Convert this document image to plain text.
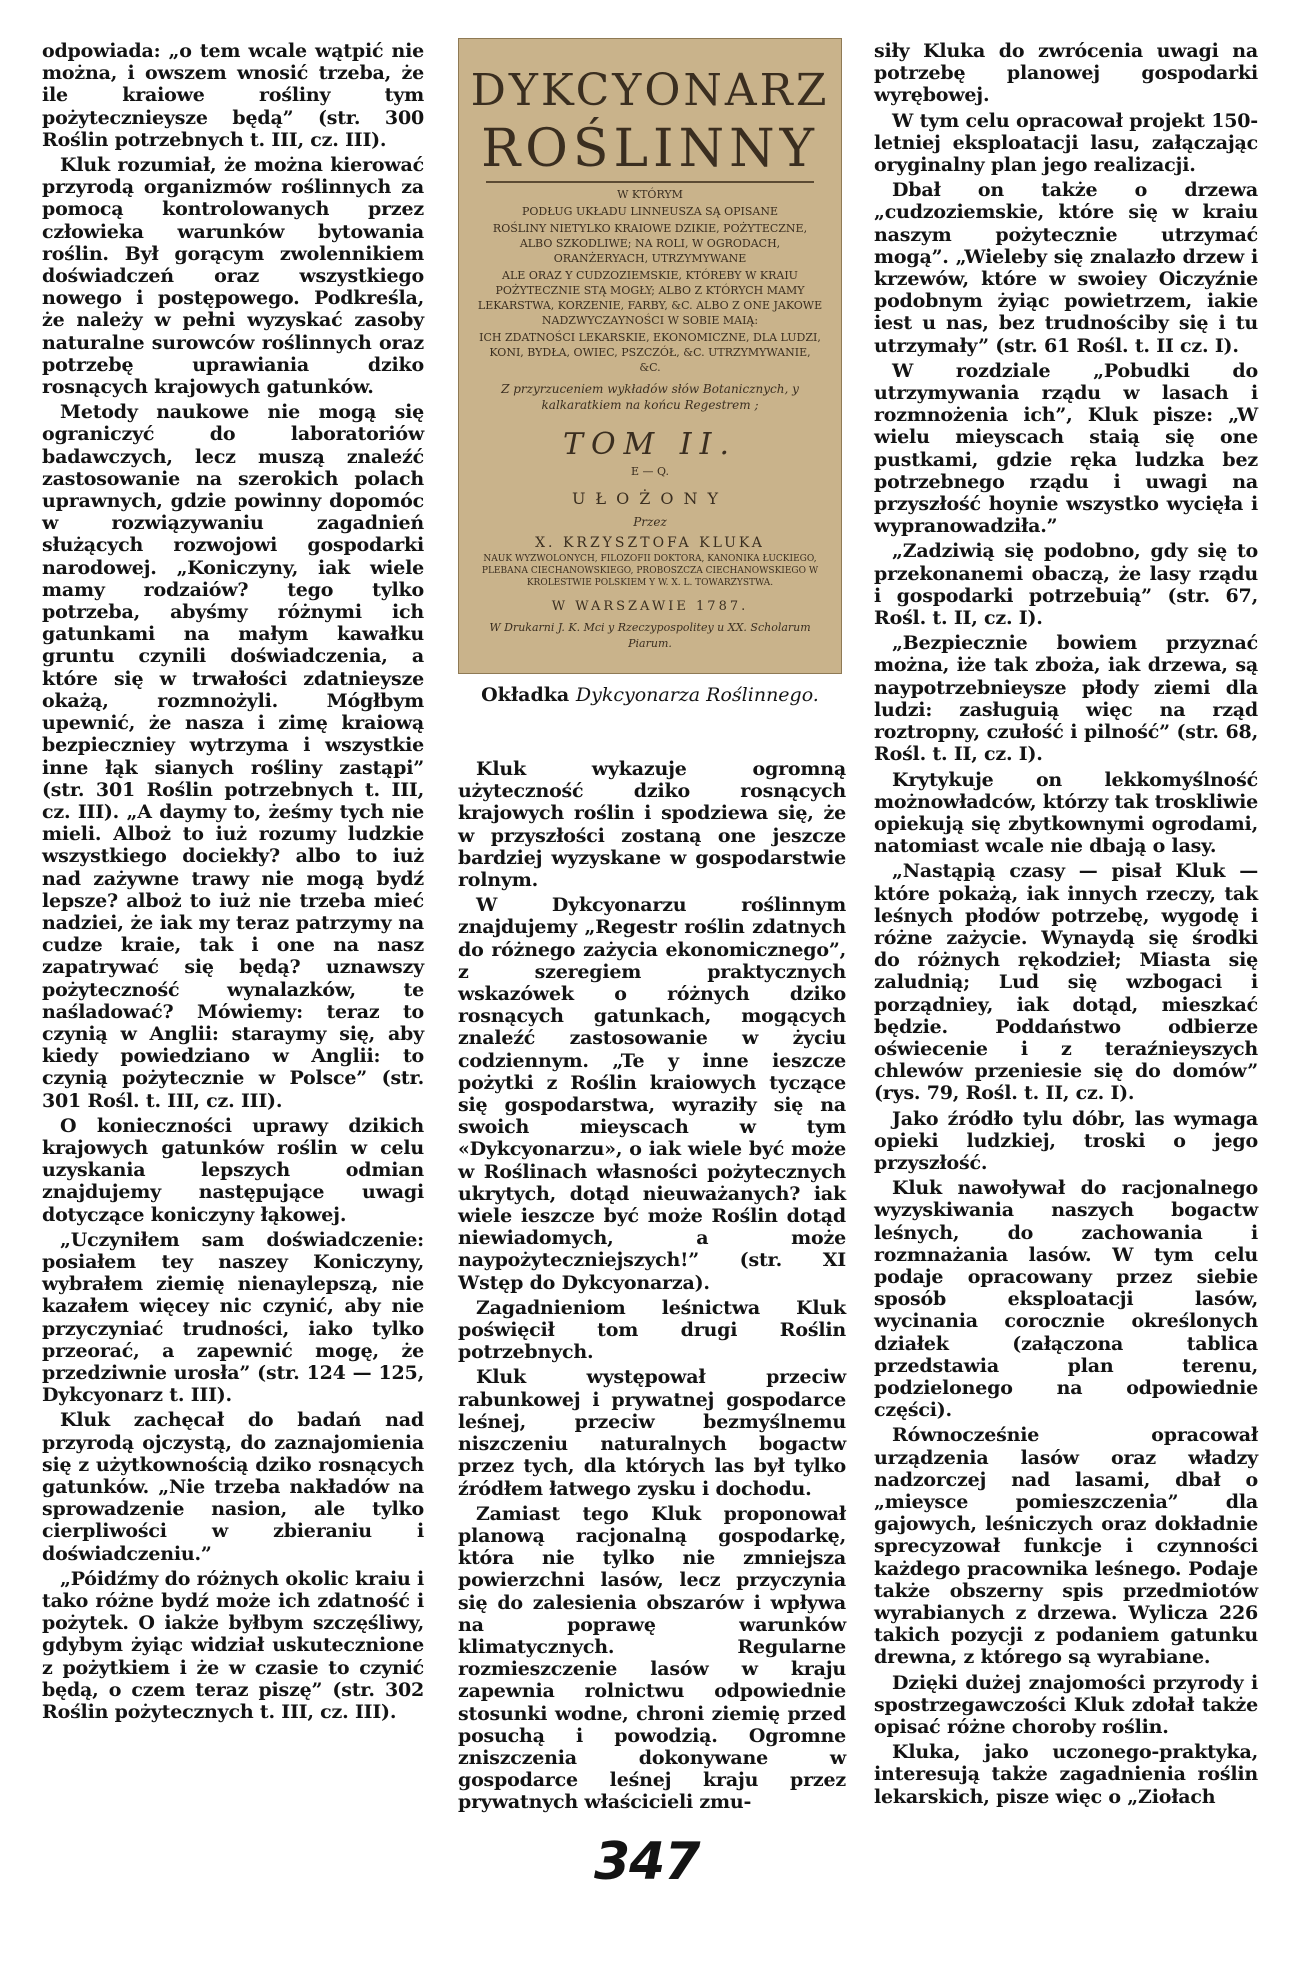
odpowiada: „o tem wcale wątpić nie można, i owszem wnosić trzeba, że ile kraiowe rośliny tym pożytecznieysze będą” (str. 300 Roślin potrzebnych t. III, cz. III).

Kluk rozumiał, że można kierować przyrodą organizmów roślinnych za pomocą kontrolowanych przez człowieka warunków bytowania roślin. Był gorącym zwolennikiem doświadczeń oraz wszystkiego nowego i postępowego. Podkreśla, że należy w pełni wyzyskać zasoby naturalne surowców roślinnych oraz potrzebę uprawiania dziko rosnących krajowych gatunków.

Metody naukowe nie mogą się ograniczyć do laboratoriów badawczych, lecz muszą znaleźć zastosowanie na szerokich polach uprawnych, gdzie powinny dopomóc w rozwiązywaniu zagadnień służących rozwojowi gospodarki narodowej. „Koniczyny, iak wiele mamy rodzaiów? tego tylko potrzeba, abyśmy różnymi ich gatunkami na małym kawałku gruntu czynili doświadczenia, a które się w trwałości zdatnieysze okażą, rozmnożyli. Mógłbym upewnić, że nasza i zimę kraiową bezpieczniey wytrzyma i wszystkie inne łąk sianych rośliny zastąpi” (str. 301 Roślin potrzebnych t. III, cz. III). „A daymy to, żeśmy tych nie mieli. Alboż to iuż rozumy ludzkie wszystkiego dociekły? albo to iuż nad zażywne trawy nie mogą bydź lepsze? alboż to iuż nie trzeba mieć nadziei, że iak my teraz patrzymy na cudze kraie, tak i one na nasz zapatrywać się będą? uznawszy pożyteczność wynalazków, te naśladować? Mówiemy: teraz to czynią w Anglii: staraymy się, aby kiedy powiedziano w Anglii: to czynią pożytecznie w Polsce” (str. 301 Rośl. t. III, cz. III).

O konieczności uprawy dzikich krajowych gatunków roślin w celu uzyskania lepszych odmian znajdujemy następujące uwagi dotyczące koniczyny łąkowej.

„Uczyniłem sam doświadczenie: posiałem tey naszey Koniczyny, wybrałem ziemię nienaylepszą, nie kazałem więcey nic czynić, aby nie przyczyniać trudności, iako tylko przeorać, a zapewnić mogę, że przedziwnie urosła” (str. 124 — 125, Dykcyonarz t. III).

Kluk zachęcał do badań nad przyrodą ojczystą, do zaznajomienia się z użytkownością dziko rosnących gatunków. „Nie trzeba nakładów na sprowadzenie nasion, ale tylko cierpliwości w zbieraniu i doświadczeniu.”

„Póidźmy do różnych okolic kraiu i tako różne bydź może ich zdatność i pożytek. O iakże byłbym szczęśliwy, gdybym żyiąc widział uskutecznione z pożytkiem i że w czasie to czynić będą, o czem teraz piszę” (str. 302 Roślin pożytecznych t. III, cz. III).

DYKCYONARZ
ROŚLINNY
W KTÓRYM
PODŁUG UKŁADU LINNEUSZA SĄ OPISANE
ROŚLINY NIETYLKO KRAIOWE DZIKIE, POŻYTECZNE, ALBO SZKODLIWE; NA ROLI, W OGRODACH, ORANŻERYACH, UTRZYMYWANE
ALE ORAZ Y CUDZOZIEMSKIE, KTÓREBY W KRAIU POŻYTECZNIE STĄ MOGŁY; ALBO Z KTÓRYCH MAMY LEKARSTWA, KORZENIE, FARBY, &C. ALBO Z ONE JAKOWE NADZWYCZAYNOŚCI W SOBIE MAIĄ:
ICH ZDATNOŚCI LEKARSKIE, EKONOMICZNE, DLA LUDZI, KONI, BYDŁA, OWIEC, PSZCZÓŁ, &C. UTRZYMYWANIE, &C.
Z przyrzuceniem wykładów słów Botanicznych, y kalkaratkiem na końcu Regestrem ;
TOM II.
E — Q.
UŁOŻONY
Przez
X. KRZYSZTOFA KLUKA
NAUK WYZWOLONYCH, FILOZOFII DOKTORA, KANONIKA ŁUCKIEGO, PLEBANA CIECHANOWSKIEGO, PROBOSZCZA CIECHANOWSKIEGO W KROLESTWIE POLSKIEM Y W. X. L. TOWARZYSTWA.
W WARSZAWIE 1787.
W Drukarni J. K. Mci y Rzeczypospolitey u XX. Scholarum Piarum.
Okładka Dykcyonarza Roślinnego.

Kluk wykazuje ogromną użyteczność dziko rosnących krajowych roślin i spodziewa się, że w przyszłości zostaną one jeszcze bardziej wyzyskane w gospodarstwie rolnym.

W Dykcyonarzu roślinnym znajdujemy „Regestr roślin zdatnych do różnego zażycia ekonomicznego”, z szeregiem praktycznych wskazówek o różnych dziko rosnących gatunkach, mogących znaleźć zastosowanie w życiu codziennym. „Te y inne ieszcze pożytki z Roślin kraiowych tyczące się gospodarstwa, wyraziły się na swoich mieyscach w tym «Dykcyonarzu», o iak wiele być może w Roślinach własności pożytecznych ukrytych, dotąd nieuważanych? iak wiele ieszcze być może Roślin dotąd niewiadomych, a może naypożyteczniejszych!” (str. XI Wstęp do Dykcyonarza).

Zagadnieniom leśnictwa Kluk poświęcił tom drugi Roślin potrzebnych.

Kluk występował przeciw rabunkowej i prywatnej gospodarce leśnej, przeciw bezmyślnemu niszczeniu naturalnych bogactw przez tych, dla których las był tylko źródłem łatwego zysku i dochodu.

Zamiast tego Kluk proponował planową racjonalną gospodarkę, która nie tylko nie zmniejsza powierzchni lasów, lecz przyczynia się do zalesienia obszarów i wpływa na poprawę warunków klimatycznych. Regularne rozmieszczenie lasów w kraju zapewnia rolnictwu odpowiednie stosunki wodne, chroni ziemię przed posuchą i powodzią. Ogromne zniszczenia dokonywane w gospodarce leśnej kraju przez prywatnych właścicieli zmu-

siły Kluka do zwrócenia uwagi na potrzebę planowej gospodarki wyrębowej.

W tym celu opracował projekt 150-letniej eksploatacji lasu, załączając oryginalny plan jego realizacji.

Dbał on także o drzewa „cudzoziemskie, które się w kraiu naszym pożytecznie utrzymać mogą”. „Wieleby się znalazło drzew i krzewów, które w swoiey Oiczyźnie podobnym żyiąc powietrzem, iakie iest u nas, bez trudnościby się i tu utrzymały” (str. 61 Rośl. t. II cz. I).

W rozdziale „Pobudki do utrzymywania rządu w lasach i rozmnożenia ich”, Kluk pisze: „W wielu mieyscach staią się one pustkami, gdzie ręka ludzka bez potrzebnego rządu i uwagi na przyszłość hoynie wszystko wycięła i wypranowadziła.”

„Zadziwią się podobno, gdy się to przekonanemi obaczą, że lasy rządu i gospodarki potrzebuią” (str. 67, Rośl. t. II, cz. I).

„Bezpiecznie bowiem przyznać można, iże tak zboża, iak drzewa, są naypotrzebnieysze płody ziemi dla ludzi: zasługuią więc na rząd roztropny, czułość i pilność” (str. 68, Rośl. t. II, cz. I).

Krytykuje on lekkomyślność możnowładców, którzy tak troskliwie opiekują się zbytkownymi ogrodami, natomiast wcale nie dbają o lasy.

„Nastąpią czasy — pisał Kluk — które pokażą, iak innych rzeczy, tak leśnych płodów potrzebę, wygodę i różne zażycie. Wynaydą się środki do różnych rękodzieł; Miasta się zaludnią; Lud się wzbogaci i porządniey, iak dotąd, mieszkać będzie. Poddaństwo odbierze oświecenie i z teraźnieyszych chlewów przeniesie się do domów” (rys. 79, Rośl. t. II, cz. I).

Jako źródło tylu dóbr, las wymaga opieki ludzkiej, troski o jego przyszłość.

Kluk nawoływał do racjonalnego wyzyskiwania naszych bogactw leśnych, do zachowania i rozmnażania lasów. W tym celu podaje opracowany przez siebie sposób eksploatacji lasów, wycinania corocznie określonych działek (załączona tablica przedstawia plan terenu, podzielonego na odpowiednie części).

Równocześnie opracował urządzenia lasów oraz władzy nadzorczej nad lasami, dbał o „mieysce pomieszczenia” dla gajowych, leśniczych oraz dokładnie sprecyzował funkcje i czynności każdego pracownika leśnego. Podaje także obszerny spis przedmiotów wyrabianych z drzewa. Wylicza 226 takich pozycji z podaniem gatunku drewna, z którego są wyrabiane.

Dzięki dużej znajomości przyrody i spostrzegawczości Kluk zdołał także opisać różne choroby roślin.

Kluka, jako uczonego-praktyka, interesują także zagadnienia roślin lekarskich, pisze więc o „Ziołach

347
